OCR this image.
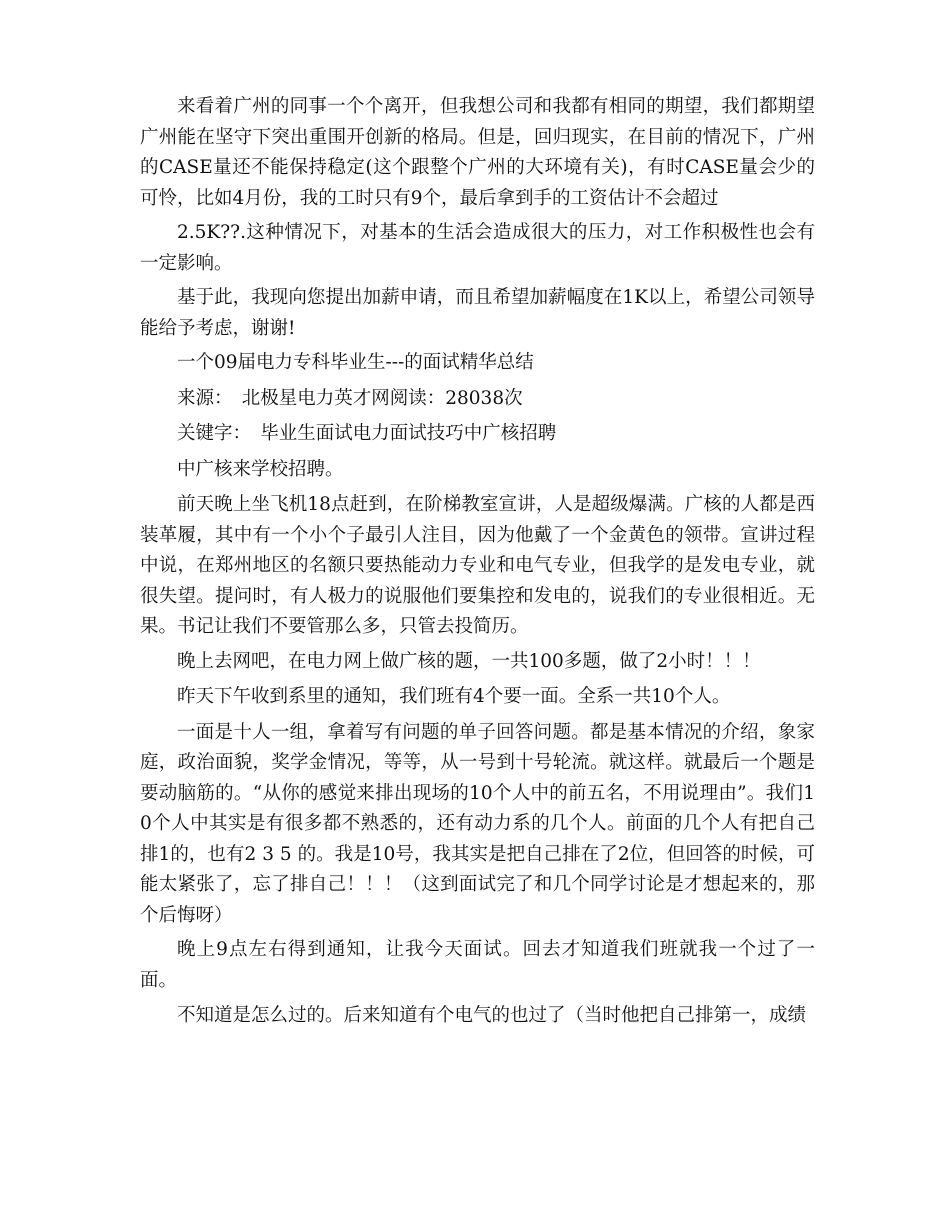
来看着广州的同事一个个离开，但我想公司和我都有相同的期望，我们都期望广州能在坚守下突出重围开创新的格局。但是，回归现实，在目前的情况下，广州的CASE量还不能保持稳定(这个跟整个广州的大环境有关)，有时CASE量会少的可怜，比如4月份，我的工时只有9个，最后拿到手的工资估计不会超过

2.5K??.这种情况下，对基本的生活会造成很大的压力，对工作积极性也会有一定影响。

基于此，我现向您提出加薪申请，而且希望加薪幅度在1K以上，希望公司领导能给予考虑，谢谢!

一个09届电力专科毕业生---的面试精华总结

来源：　北极星电力英才网阅读：28038次

关键字：　毕业生面试电力面试技巧中广核招聘

中广核来学校招聘。

前天晚上坐飞机18点赶到，在阶梯教室宣讲，人是超级爆满。广核的人都是西装革履，其中有一个小个子最引人注目，因为他戴了一个金黄色的领带。宣讲过程中说，在郑州地区的名额只要热能动力专业和电气专业，但我学的是发电专业，就很失望。提问时，有人极力的说服他们要集控和发电的，说我们的专业很相近。无果。书记让我们不要管那么多，只管去投简历。

晚上去网吧，在电力网上做广核的题，一共100多题，做了2小时！！！

昨天下午收到系里的通知，我们班有4个要一面。全系一共10个人。

一面是十人一组，拿着写有问题的单子回答问题。都是基本情况的介绍，象家庭，政治面貌，奖学金情况，等等，从一号到十号轮流。就这样。就最后一个题是要动脑筋的。“从你的感觉来排出现场的10个人中的前五名，不用说理由”。我们10个人中其实是有很多都不熟悉的，还有动力系的几个人。前面的几个人有把自己排1的，也有2 3 5 的。我是10号，我其实是把自己排在了2位，但回答的时候，可能太紧张了，忘了排自己！！！（这到面试完了和几个同学讨论是才想起来的，那个后悔呀）

晚上9点左右得到通知，让我今天面试。回去才知道我们班就我一个过了一面。

不知道是怎么过的。后来知道有个电气的也过了（当时他把自己排第一，成绩
